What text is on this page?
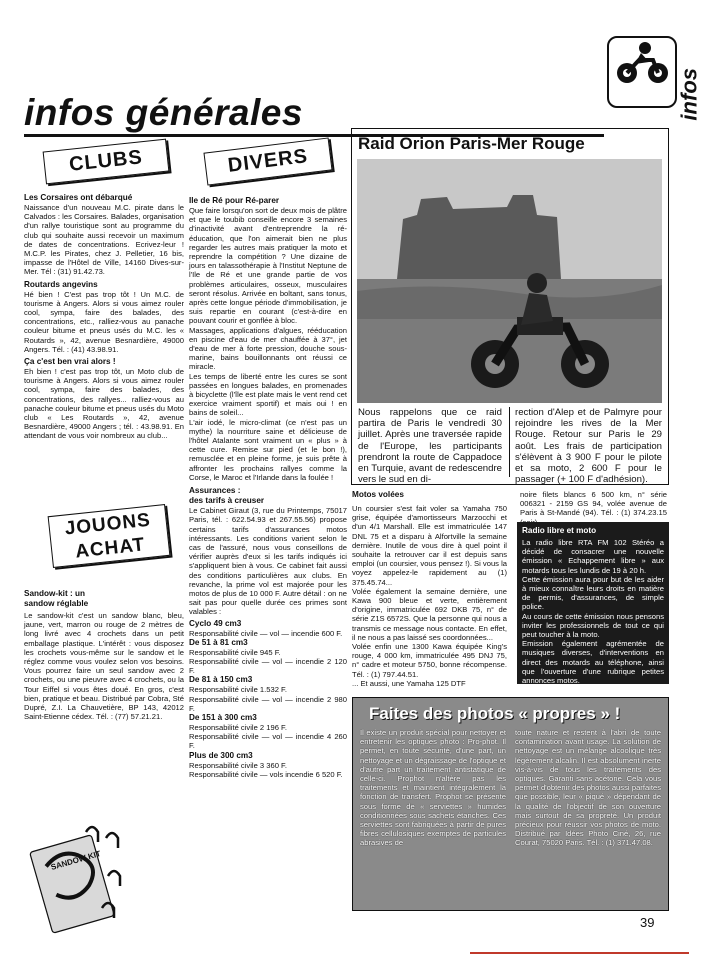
infos générales	infos
CLUBS
Les Corsaires ont débarqué
Naissance d'un nouveau M.C. pirate dans le Calvados : les Corsaires. Balades, organisation d'un rallye touristique sont au programme du club qui souhaite aussi recevoir un maximum de dates de concentrations. Ecrivez-leur ! M.C.P. les Pirates, chez J. Pelletier, 16 bis, impasse de l'Hôtel de Ville, 14160 Dives-sur-Mer. Tél : (31) 91.42.73.
Routards angevins
Hé bien ! C'est pas trop tôt ! Un M.C. de tourisme à Angers. Alors si vous aimez rouler cool, sympa, faire des balades, des concentrations, etc., ralliez-vous au panache couleur bitume et pneus usés du M.C. les « Routards », 42, avenue Besnardière, 49000 Angers. Tél. : (41) 43.98.91.
Ça c'est ben vrai alors !
Eh bien ! c'est pas trop tôt, un Moto club de tourisme à Angers. Alors si vous aimez rouler cool, sympa, faire des balades, des concentrations, des rallyes... ralliez-vous au panache couleur bitume et pneus usés du Moto club « Les Routards », 42, avenue Besnardière, 49000 Angers ; tél. : 43.98.91. En attendant de vous voir nombreux au club...
JOUONS
ACHAT
Sandow-kit : un
sandow réglable
Le sandow-kit c'est un sandow blanc, bleu, jaune, vert, marron ou rouge de 2 mètres de long livré avec 4 crochets dans un petit emballage plastique. L'intérêt : vous disposez les crochets vous-même sur le sandow et le réglez comme vous voulez selon vos besoins. Vous pourrez faire un seul sandow avec 2 crochets, ou une pieuvre avec 4 crochets, ou la Tour Eiffel si vous êtes doué. En gros, c'est bien, pratique et beau. Distribué par Cobra, Sté Dupré, Z.I. La Chauvetière, BP 143, 42012 Saint-Etienne cédex. Tél. : (77) 57.21.21.
SANDOW KIT
DIVERS
Ile de Ré pour Ré-parer
Que faire lorsqu'on sort de deux mois de plâtre et que le toubib conseille encore 3 semaines d'inactivité avant d'entreprendre la ré-éducation, que l'on aimerait bien ne plus regarder les autres mais pratiquer la moto et reprendre la compétition ? Une dizaine de jours en talassothérapie à l'Institut Neptune de l'Ile de Ré et une grande partie de vos problèmes articulaires, osseux, musculaires seront résolus. Arrivée en boltant, sans tonus, après cette longue période d'immobilisation, je suis repartie en courant (c'est-à-dire en pouvant courir et gonflée à bloc.
Massages, applications d'algues, rééducation en piscine d'eau de mer chauffée à 37°, jet d'eau de mer à forte pression, douche sous-marine, bains bouillonnants ont réussi ce miracle.
Les temps de liberté entre les cures se sont passées en longues balades, en promenades à bicyclette (l'île est plate mais le vent rend cet exercice vraiment sportif) et mais oui ! en bains de soleil...
L'air iodé, le micro-climat (ce n'est pas un mythe) la nourriture saine et délicieuse de l'hôtel Atalante sont vraiment un « plus » à cette cure. Remise sur pied (et le bon !), remusclée et en pleine forme, je suis prête à affronter les prochains rallyes comme la Corse, le Maroc et l'Irlande dans la foulée !
Assurances :
des tarifs à creuser
Le Cabinet Giraut (3, rue du Printemps, 75017 Paris, tél. : 622.54.93 et 267.55.56) propose certains tarifs d'assurances motos intéressants. Les conditions varient selon le cas de l'assuré, nous vous conseillons de vérifier auprès d'eux si les tarifs indiqués ici s'appliquent bien à vous. Ce cabinet fait aussi des conditions particulières aux clubs. En revanche, la prime vol est majorée pour les motos de plus de 10 000 F. Autre détail : on ne sait pas pour quelle durée ces primes sont valables :
Cyclo 49 cm3
Responsabilité civile — vol — incendie 600 F.
De 51 à 81 cm3
Responsabilité civile 945 F.
Responsabilité civile — vol — incendie 2 120 F.
De 81 à 150 cm3
Responsabilité civile 1.532 F.
Responsabilité civile — vol — incendie 2 980 F.
De 151 à 300 cm3
Responsabilité civile 2 196 F.
Responsabilité civile — vol — incendie 4 260 F.
Plus de 300 cm3
Responsabilité civile 3 360 F.
Responsabilité civile — vols incendie 6 520 F.
Raid Orion Paris-Mer Rouge
Nous rappelons que ce raid partira de Paris le vendredi 30 juillet. Après une traversée rapide de l'Europe, les participants prendront la route de Cappadoce en Turquie, avant de redescendre vers le sud en di-
rection d'Alep et de Palmyre pour rejoindre les rives de la Mer Rouge. Retour sur Paris le 29 août. Les frais de participation s'élèvent à 3 900 F pour le pilote et sa moto, 2 600 F pour le passager (+ 100 F d'adhésion).
Motos volées
Un coursier s'est fait voler sa Yamaha 750 grise, équipée d'amortisseurs Marzocchi et d'un 4/1 Marshall. Elle est immatriculée 147 DNL 75 et a disparu à Alfortville la semaine dernière. Inutile de vous dire à quel point il souhaite la retrouver car il est depuis sans emploi (un coursier, vous pensez !). Si vous la voyez appelez-le rapidement au (1) 375.45.74...
Volée également la semaine dernière, une Kawa 900 bleue et verte, entièrement d'origine, immatriculée 692 DKB 75, n° de série Z1S 6572S. Que la personne qui nous a transmis ce message nous contacte. En effet, il ne nous a pas laissé ses coordonnées...
Volée enfin une 1300 Kawa équipée King's rouge, 4 000 km, immatriculée 495 DNJ 75, n° cadre et moteur 5750, bonne récompense. Tél. : (1) 797.44.51.
... Et aussi, une Yamaha 125 DTF
noire filets blancs 6 500 km, n° série 006321 - 2159 GS 94, volée avenue de Paris à St-Mandé (94). Tél. : (1) 374.23.15
Radio libre et moto
La radio libre RTA FM 102 Stéréo a décidé de consacrer une nouvelle émission « Echappement libre » aux motards tous les lundis de 19 à 20 h.
Cette émission aura pour but de les aider à mieux connaître leurs droits en matière de permis, d'assurances, de simple police.
Au cours de cette émission nous pensons inviter les professionnels de tout ce qui peut toucher à la moto.
Emission également agrémentée de musiques diverses, d'interventions en direct des motards au téléphone, ainsi que l'ouverture d'une rubrique petites annonces motos.
Faites des photos « propres » !
Il existe un produit spécial pour nettoyer et entretenir les optiques photo : Pro-phot. Il permet, en toute sécurité, d'une part, un nettoyage et un dégraissage de l'optique et d'autre part un traitement antistatique de celle-ci. Prophot n'altère pas les traitements et maintient intégralement la fonction de transfert. Prophot se présente sous forme de « serviettes » humides conditionnées sous sachets étanches. Ces serviettes sont fabriquées à partir de pures fibres cellulosiques exemptes de particules abrasives de
toute nature et restent à l'abri de toute contamination avant usage. La solution de nettoyage est un mélange alcoolique très légèrement alcalin. Il est absolument inerte vis-à-vis de tous les traitements des optiques. Garanti sans acétone. Cela vous permet d'obtenir des photos aussi parfaites que possible, leur « piqué » dépendant de la qualité de l'objectif de son ouverture mais surtout de sa propreté. Un produit précieux pour réussir vos photos de moto. Distribué par Idées Photo Ciné, 26, rue Courat, 75020 Paris. Tél. : (1) 371.47.08.
39
